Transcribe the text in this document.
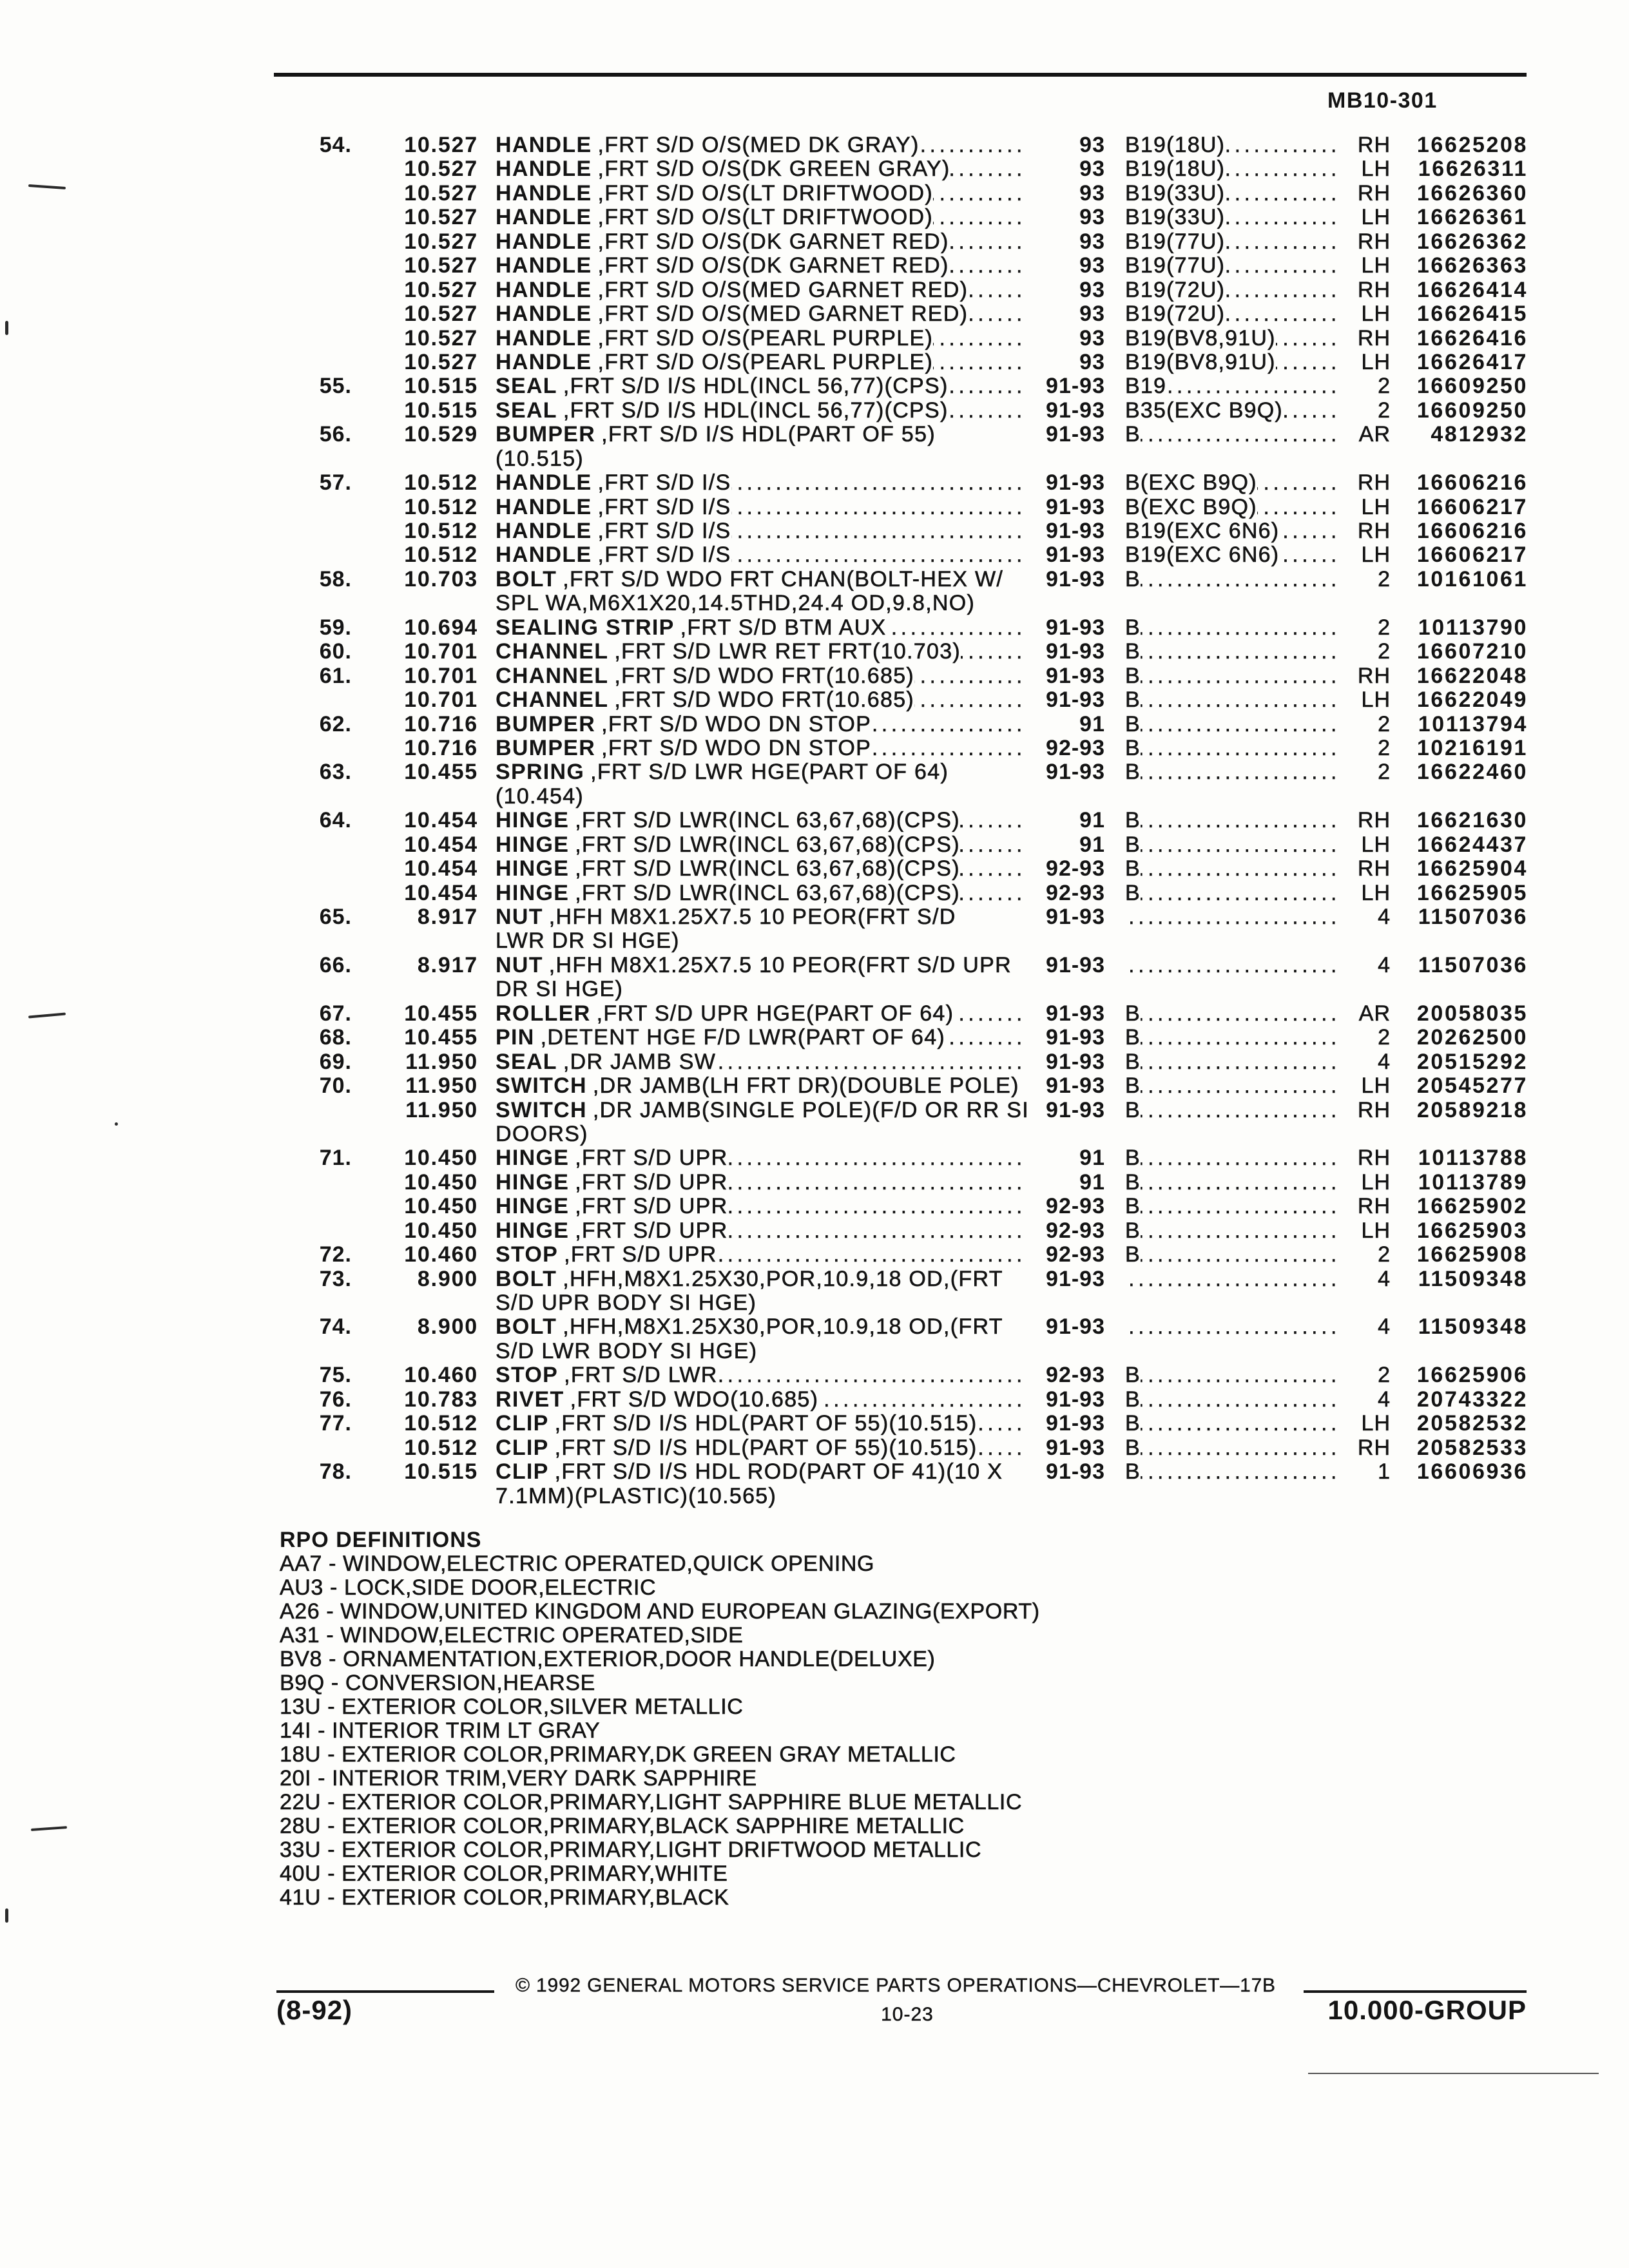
MB10-301
54.	10.527 HANDLE ,FRT S/D O/S(MED DK GRAY) .....	93 B19(18U) .....	RH	16625208
10.527 HANDLE ,FRT S/D O/S(DK GREEN GRAY) .....	93 B19(18U) .....	LH	16626311
10.527 HANDLE ,FRT S/D O/S(LT DRIFTWOOD) .....	93 B19(33U) .....	RH	16626360
10.527 HANDLE ,FRT S/D O/S(LT DRIFTWOOD) .....	93 B19(33U) .....	LH	16626361
10.527 HANDLE ,FRT S/D O/S(DK GARNET RED) .....	93 B19(77U) .....	RH	16626362
10.527 HANDLE ,FRT S/D O/S(DK GARNET RED) .....	93 B19(77U) .....	LH	16626363
10.527 HANDLE ,FRT S/D O/S(MED GARNET RED) .....	93 B19(72U) .....	RH	16626414
10.527 HANDLE ,FRT S/D O/S(MED GARNET RED) .....	93 B19(72U) .....	LH	16626415
10.527 HANDLE ,FRT S/D O/S(PEARL PURPLE) .....	93 B19(BV8,91U) .....	RH	16626416
10.527 HANDLE ,FRT S/D O/S(PEARL PURPLE) .....	93 B19(BV8,91U) .....	LH	16626417
55.	10.515 SEAL ,FRT S/D I/S HDL(INCL 56,77)(CPS) .....	91-93 B19 .....	2	16609250
10.515 SEAL ,FRT S/D I/S HDL(INCL 56,77)(CPS) .....	91-93 B35(EXC B9Q) .....	2	16609250
56.	10.529 BUMPER ,FRT S/D I/S HDL(PART OF 55)	91-93 B .....	AR	4812932
(10.515)
57.	10.512 HANDLE ,FRT S/D I/S .....	91-93 B(EXC B9Q) .....	RH	16606216
10.512 HANDLE ,FRT S/D I/S .....	91-93 B(EXC B9Q) .....	LH	16606217
10.512 HANDLE ,FRT S/D I/S .....	91-93 B19(EXC 6N6) .....	RH	16606216
10.512 HANDLE ,FRT S/D I/S .....	91-93 B19(EXC 6N6) .....	LH	16606217
58.	10.703 BOLT ,FRT S/D WDO FRT CHAN(BOLT-HEX W/	91-93 B .....	2	10161061
SPL WA,M6X1X20,14.5THD,24.4 OD,9.8,NO)
59.	10.694 SEALING STRIP ,FRT S/D BTM AUX .....	91-93 B .....	2	10113790
60.	10.701 CHANNEL ,FRT S/D LWR RET FRT(10.703) .....	91-93 B .....	2	16607210
61.	10.701 CHANNEL ,FRT S/D WDO FRT(10.685) .....	91-93 B .....	RH	16622048
10.701 CHANNEL ,FRT S/D WDO FRT(10.685) .....	91-93 B .....	LH	16622049
62.	10.716 BUMPER ,FRT S/D WDO DN STOP .....	91 B .....	2	10113794
10.716 BUMPER ,FRT S/D WDO DN STOP .....	92-93 B .....	2	10216191
63.	10.455 SPRING ,FRT S/D LWR HGE(PART OF 64)	91-93 B .....	2	16622460
(10.454)
64.	10.454 HINGE ,FRT S/D LWR(INCL 63,67,68)(CPS) .....	91 B .....	RH	16621630
10.454 HINGE ,FRT S/D LWR(INCL 63,67,68)(CPS) .....	91 B .....	LH	16624437
10.454 HINGE ,FRT S/D LWR(INCL 63,67,68)(CPS) .....	92-93 B .....	RH	16625904
10.454 HINGE ,FRT S/D LWR(INCL 63,67,68)(CPS) .....	92-93 B .....	LH	16625905
65.	8.917 NUT ,HFH M8X1.25X7.5 10 PEOR(FRT S/D	91-93 .....	4	11507036
LWR DR SI HGE)
66.	8.917 NUT ,HFH M8X1.25X7.5 10 PEOR(FRT S/D UPR	91-93 .....	4	11507036
DR SI HGE)
67.	10.455 ROLLER ,FRT S/D UPR HGE(PART OF 64) .....	91-93 B .....	AR	20058035
68.	10.455 PIN ,DETENT HGE F/D LWR(PART OF 64) .....	91-93 B .....	2	20262500
69.	11.950 SEAL ,DR JAMB SW .....	91-93 B .....	4	20515292
70.	11.950 SWITCH ,DR JAMB(LH FRT DR)(DOUBLE POLE)	91-93 B .....	LH	20545277
11.950 SWITCH ,DR JAMB(SINGLE POLE)(F/D OR RR SI 91-93 B .....	RH	20589218
DOORS)
71.	10.450 HINGE ,FRT S/D UPR .....	91 B .....	RH	10113788
10.450 HINGE ,FRT S/D UPR .....	91 B .....	LH	10113789
10.450 HINGE ,FRT S/D UPR .....	92-93 B .....	RH	16625902
10.450 HINGE ,FRT S/D UPR .....	92-93 B .....	LH	16625903
72.	10.460 STOP ,FRT S/D UPR .....	92-93 B .....	2	16625908
73.	8.900 BOLT ,HFH,M8X1.25X30,POR,10.9,18 OD,(FRT	91-93 .....	4	11509348
S/D UPR BODY SI HGE)
74.	8.900 BOLT ,HFH,M8X1.25X30,POR,10.9,18 OD,(FRT	91-93 .....	4	11509348
S/D LWR BODY SI HGE)
75.	10.460 STOP ,FRT S/D LWR .....	92-93 B .....	2	16625906
76.	10.783 RIVET ,FRT S/D WDO(10.685) .....	91-93 B .....	4	20743322
77.	10.512 CLIP ,FRT S/D I/S HDL(PART OF 55)(10.515) .....	91-93 B .....	LH	20582532
10.512 CLIP ,FRT S/D I/S HDL(PART OF 55)(10.515) .....	91-93 B .....	RH	20582533
78.	10.515 CLIP ,FRT S/D I/S HDL ROD(PART OF 41)(10 X	91-93 B .....	1	16606936
7.1MM)(PLASTIC)(10.565)
RPO DEFINITIONS
AA7 - WINDOW,ELECTRIC OPERATED,QUICK OPENING
AU3 - LOCK,SIDE DOOR,ELECTRIC
A26 - WINDOW,UNITED KINGDOM AND EUROPEAN GLAZING(EXPORT)
A31 - WINDOW,ELECTRIC OPERATED,SIDE
BV8 - ORNAMENTATION,EXTERIOR,DOOR HANDLE(DELUXE)
B9Q - CONVERSION,HEARSE
13U - EXTERIOR COLOR,SILVER METALLIC
14I - INTERIOR TRIM LT GRAY
18U - EXTERIOR COLOR,PRIMARY,DK GREEN GRAY METALLIC
20I - INTERIOR TRIM,VERY DARK SAPPHIRE
22U - EXTERIOR COLOR,PRIMARY,LIGHT SAPPHIRE BLUE METALLIC
28U - EXTERIOR COLOR,PRIMARY,BLACK SAPPHIRE METALLIC
33U - EXTERIOR COLOR,PRIMARY,LIGHT DRIFTWOOD METALLIC
40U - EXTERIOR COLOR,PRIMARY,WHITE
41U - EXTERIOR COLOR,PRIMARY,BLACK
© 1992 GENERAL MOTORS SERVICE PARTS OPERATIONS—CHEVROLET—17B
(8-92)	10-23	10.000-GROUP
